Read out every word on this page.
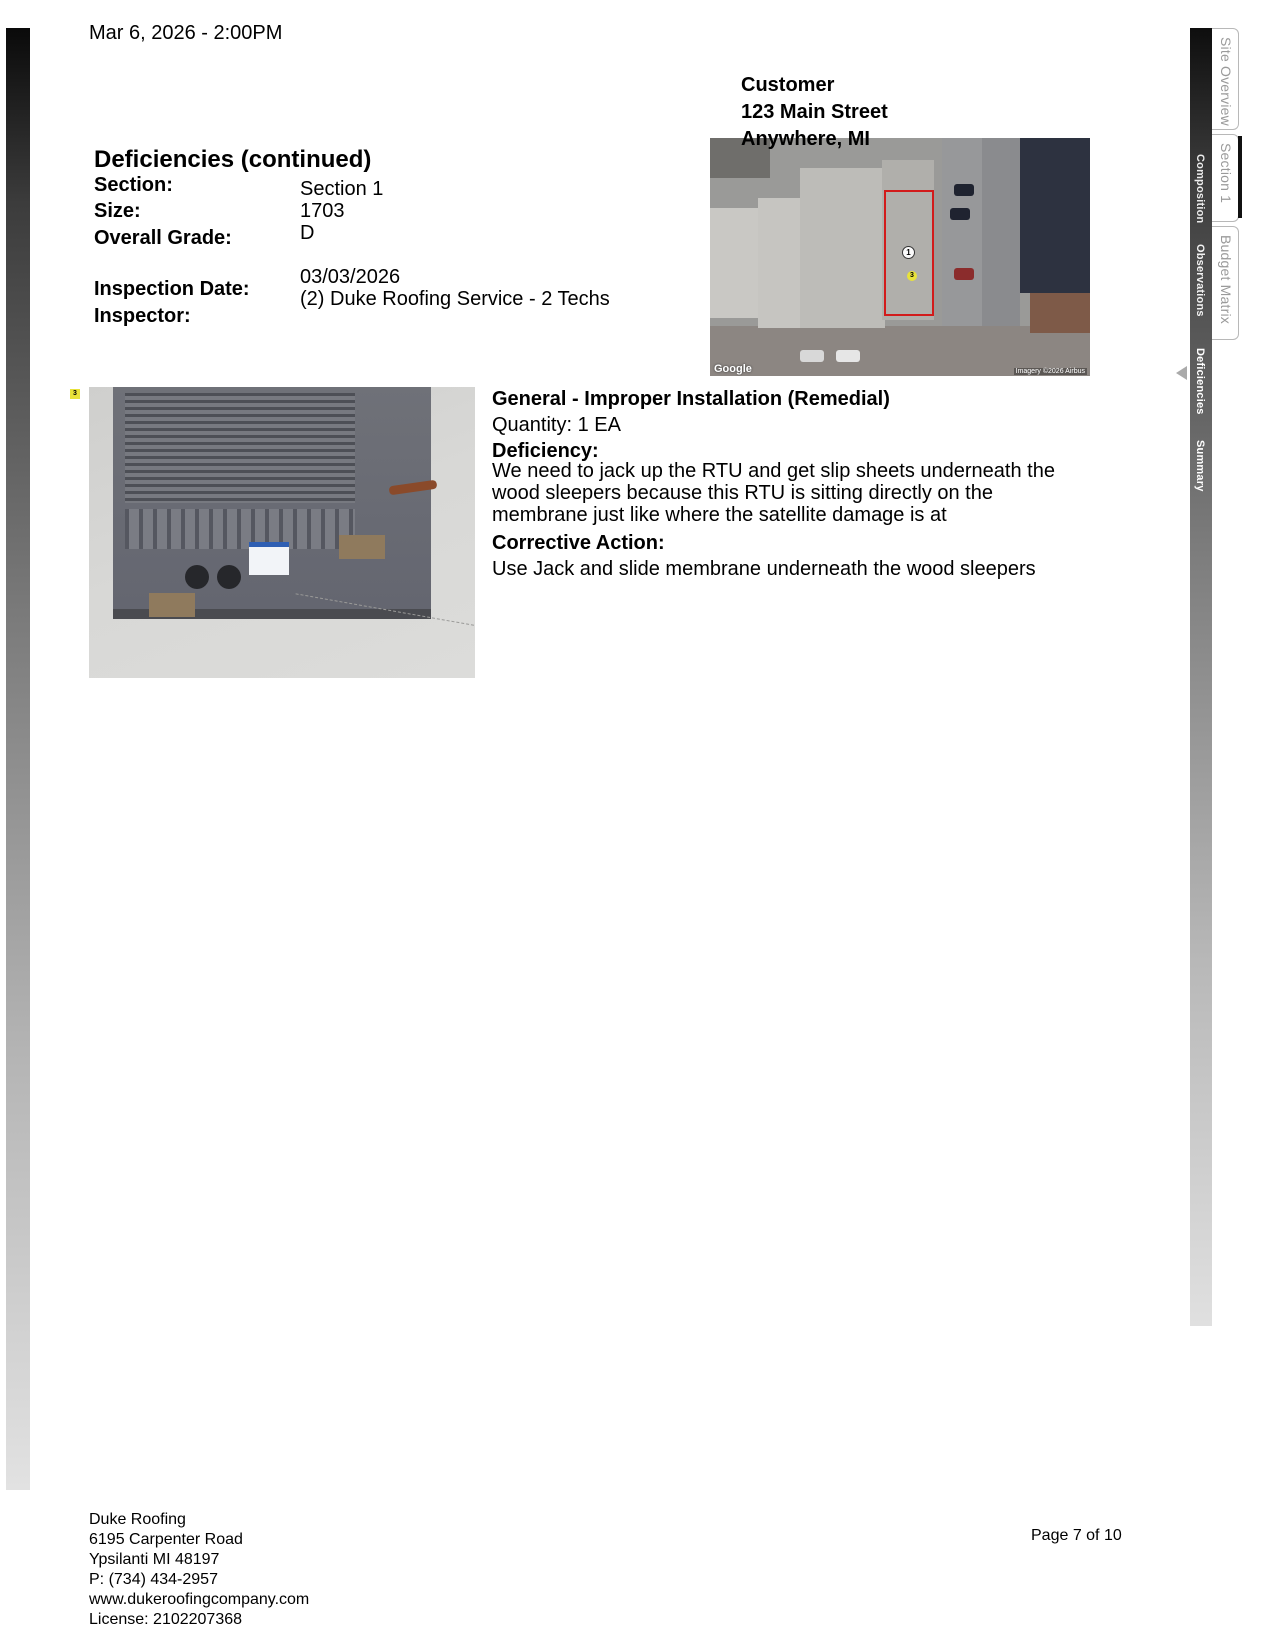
Mar 6, 2026 - 2:00PM
Customer
123 Main Street
Anywhere, MI
Deficiencies (continued)
Section:	Section 1
Size:	1703
Overall Grade:	D
Inspection Date:
03/03/2026
Inspector:
(2) Duke Roofing Service - 2 Techs
1
3
Google	Imagery ©2026 Airbus
3	General - Improper Installation (Remedial)
Quantity: 1 EA
Deficiency:
We need to jack up the RTU and get slip sheets underneath the wood sleepers because this RTU is sitting directly on the membrane just like where the satellite damage is at
Corrective Action:
Use Jack and slide membrane underneath the wood sleepers
Composition
Observations
Deficiencies
Summary
Site Overview
Section 1
Budget Matrix
Duke Roofing
6195 Carpenter Road
Ypsilanti MI 48197
P: (734) 434-2957
www.dukeroofingcompany.com
License: 2102207368
Page 7 of 10
